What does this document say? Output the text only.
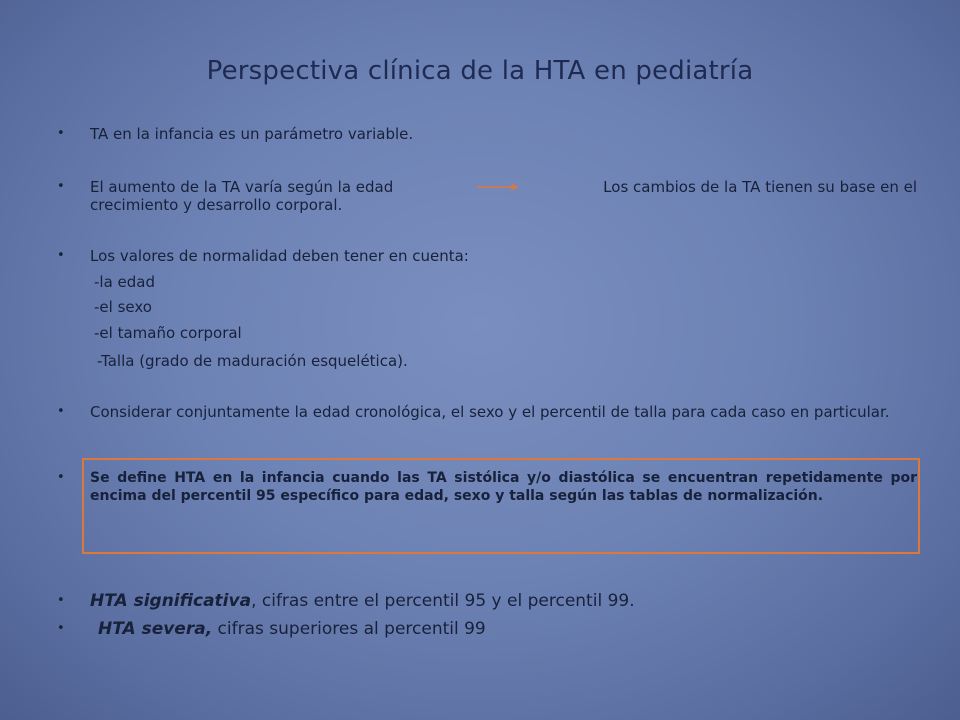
Perspectiva clínica de la HTA en pediatría
• TA en la infancia es un parámetro variable.
• El aumento de la TA varía según la edad	Los cambios de la TA tienen su base en el
crecimiento y desarrollo corporal.
• Los valores de normalidad deben tener en cuenta:
-la edad
-el sexo
-el tamaño corporal
-Talla (grado de maduración esquelética).
• Considerar conjuntamente la edad cronológica, el sexo y el percentil de talla para cada caso en particular.
• Se define HTA en la infancia cuando las TA sistólica y/o diastólica se encuentran repetidamente por encima del percentil 95 específico para edad, sexo y talla según las tablas de normalización.
• HTA significativa, cifras entre el percentil 95 y el percentil 99.
• HTA severa, cifras superiores al percentil 99
